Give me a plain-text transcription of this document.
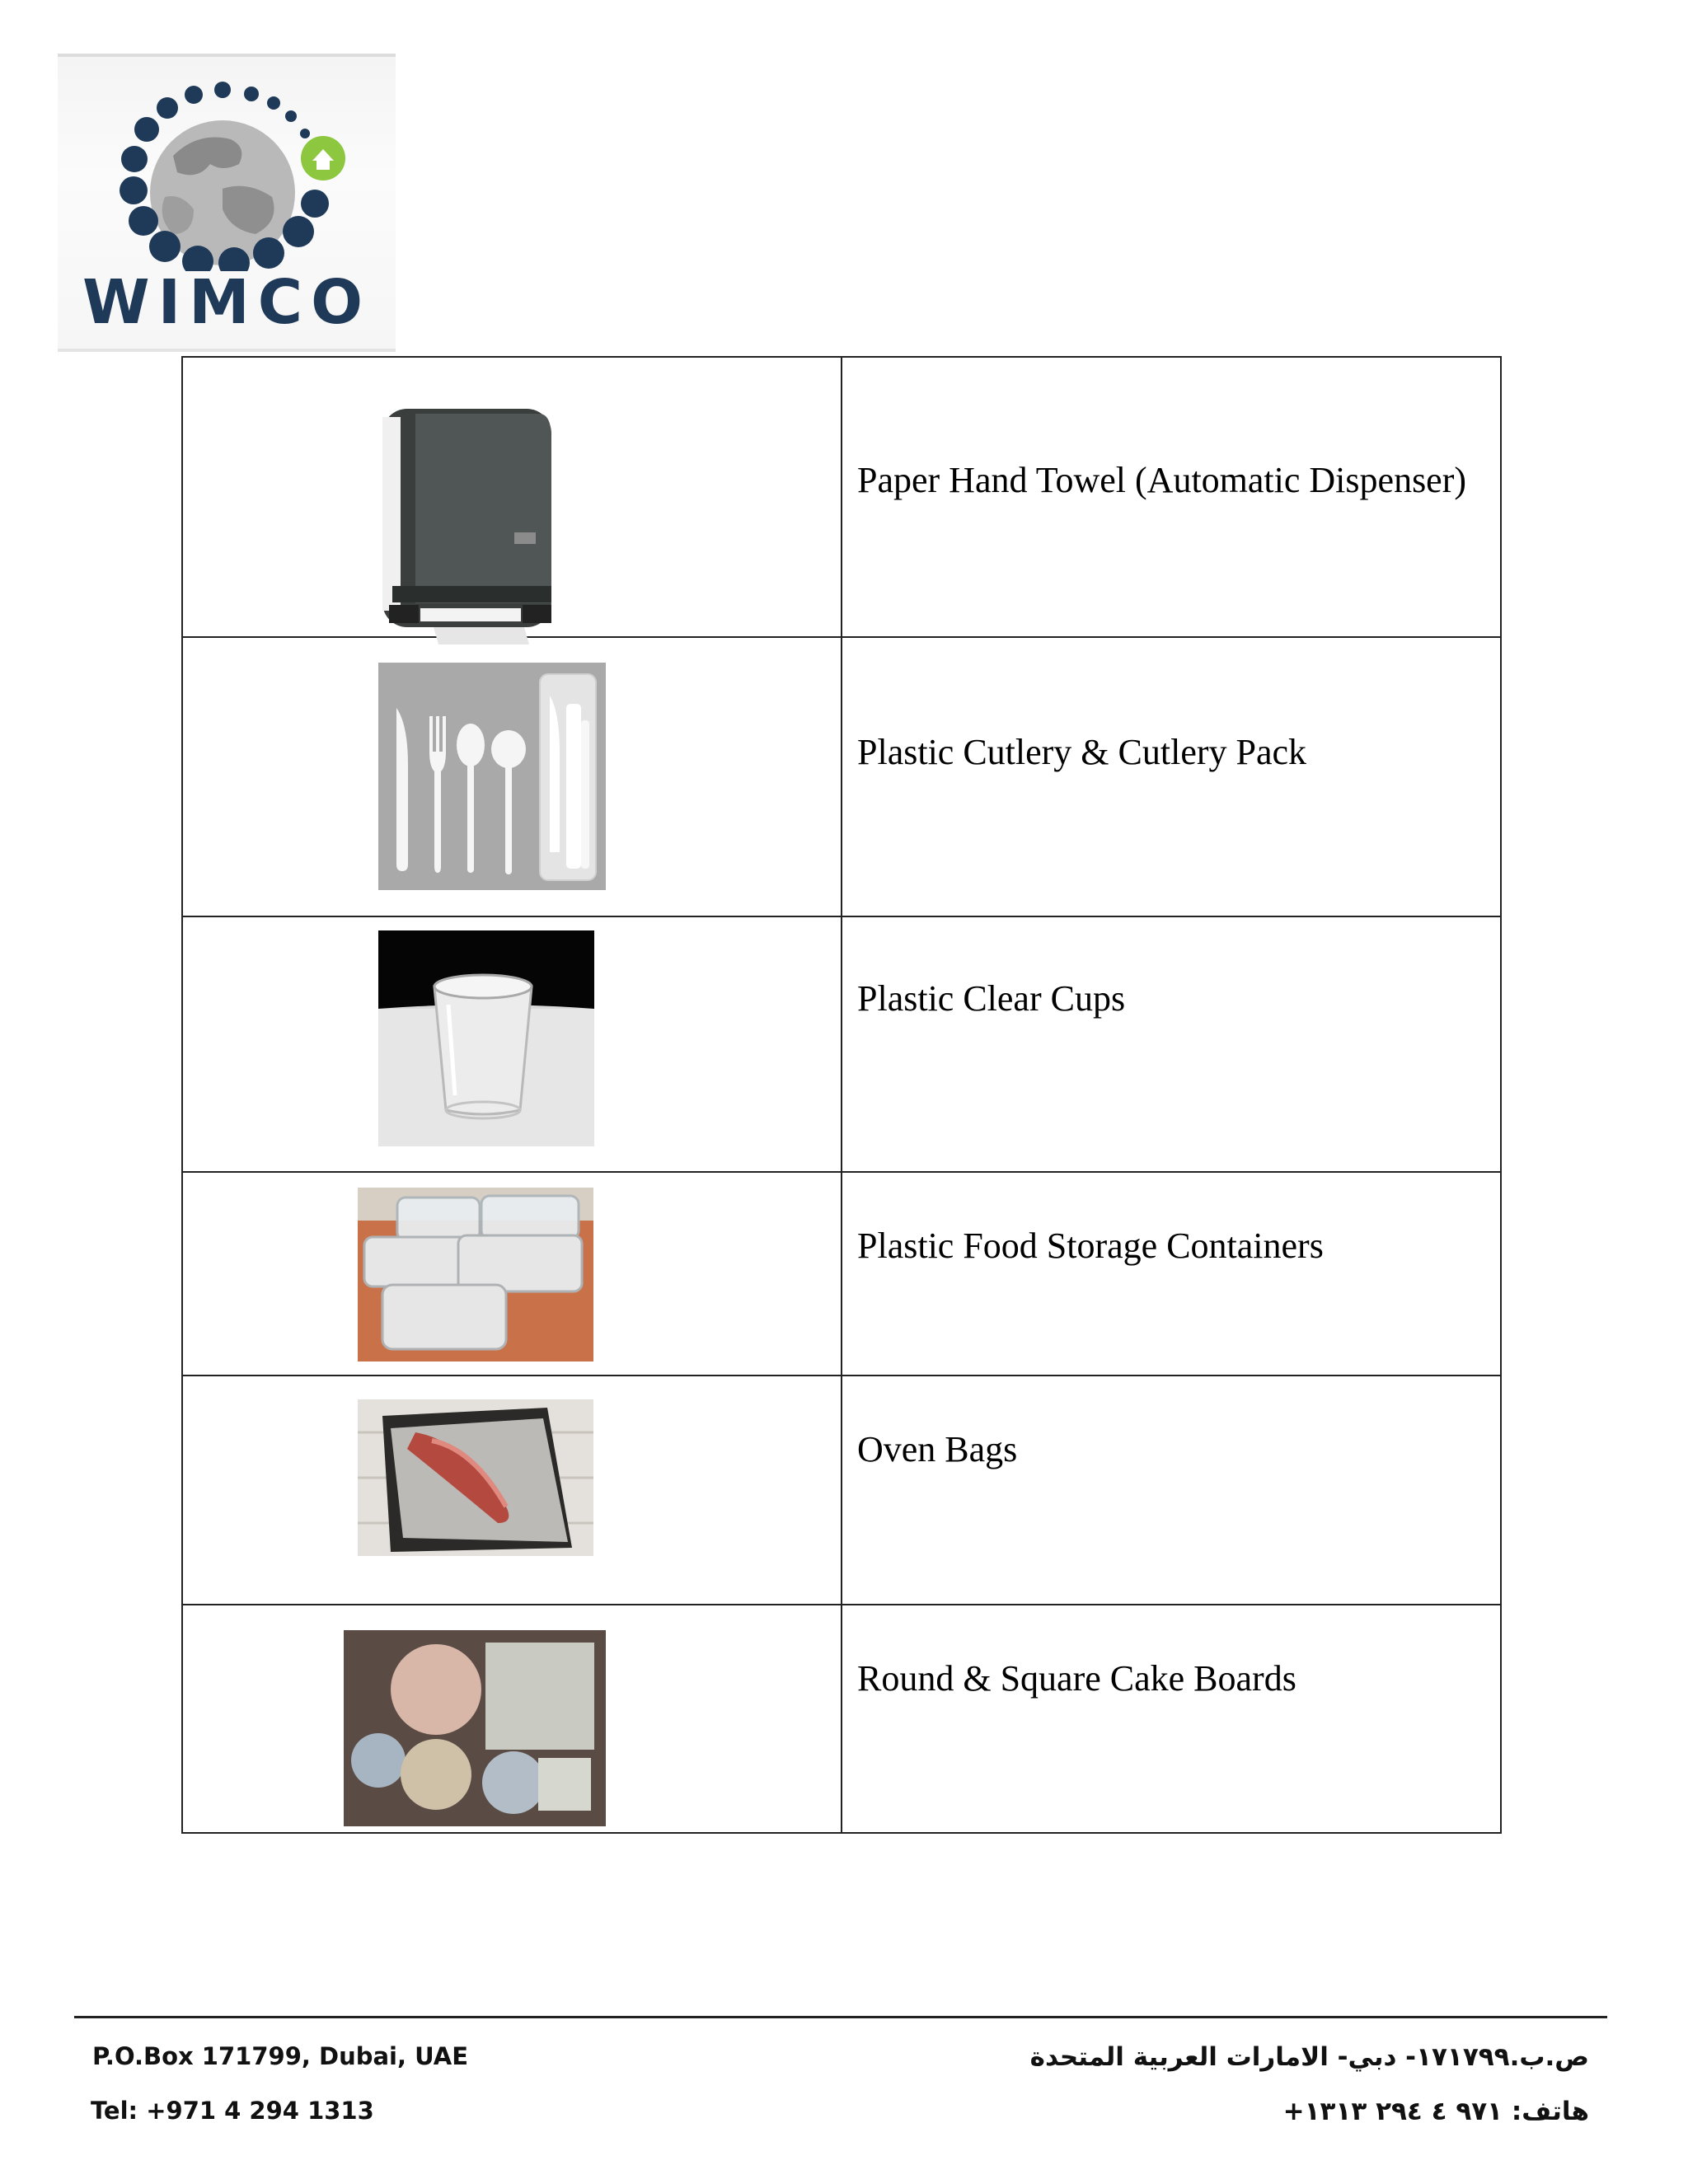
WIMCO
	Paper Hand Towel (Automatic Dispenser)

	Plastic Cutlery & Cutlery Pack

	Plastic Clear Cups

	Plastic Food Storage Containers

	Oven Bags

	Round & Square Cake Boards
P.O.Box 171799, Dubai, UAE
Tel: +971 4 294 1313
ص.ب.١٧١٧٩٩- دبي- الامارات العربية المتحدة
هاتف: ٩٧١ ٤ ٢٩٤ ١٣١٣+
